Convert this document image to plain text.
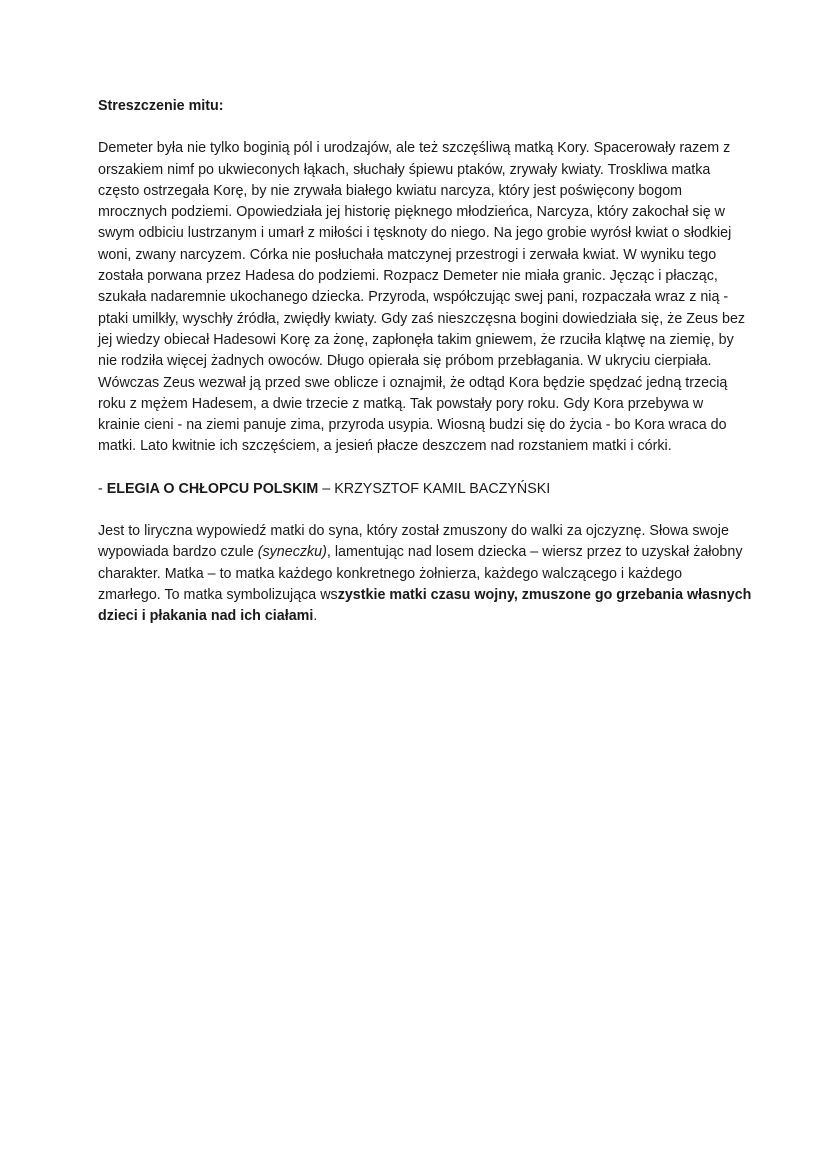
Streszczenie mitu:

Demeter była nie tylko boginią pól i urodzajów, ale też szczęśliwą matką Kory. Spacerowały razem z
orszakiem nimf po ukwieconych łąkach, słuchały śpiewu ptaków, zrywały kwiaty. Troskliwa matka
często ostrzegała Korę, by nie zrywała białego kwiatu narcyza, który jest poświęcony bogom
mrocznych podziemi. Opowiedziała jej historię pięknego młodzieńca, Narcyza, który zakochał się w
swym odbiciu lustrzanym i umarł z miłości i tęsknoty do niego. Na jego grobie wyrósł kwiat o słodkiej
woni, zwany narcyzem. Córka nie posłuchała matczynej przestrogi i zerwała kwiat. W wyniku tego
została porwana przez Hadesa do podziemi. Rozpacz Demeter nie miała granic. Jęcząc i płacząc,
szukała nadaremnie ukochanego dziecka. Przyroda, współczując swej pani, rozpaczała wraz z nią -
ptaki umilkły, wyschły źródła, zwiędły kwiaty. Gdy zaś nieszczęsna bogini dowiedziała się, że Zeus bez
jej wiedzy obiecał Hadesowi Korę za żonę, zapłonęła takim gniewem, że rzuciła klątwę na ziemię, by
nie rodziła więcej żadnych owoców. Długo opierała się próbom przebłagania. W ukryciu cierpiała.
Wówczas Zeus wezwał ją przed swe oblicze i oznajmił, że odtąd Kora będzie spędzać jedną trzecią
roku z mężem Hadesem, a dwie trzecie z matką. Tak powstały pory roku. Gdy Kora przebywa w
krainie cieni - na ziemi panuje zima, przyroda usypia. Wiosną budzi się do życia - bo Kora wraca do
matki. Lato kwitnie ich szczęściem, a jesień płacze deszczem nad rozstaniem matki i córki.

- ELEGIA O CHŁOPCU POLSKIM – KRZYSZTOF KAMIL BACZYŃSKI

Jest to liryczna wypowiedź matki do syna, który został zmuszony do walki za ojczyznę. Słowa swoje
wypowiada bardzo czule (syneczku), lamentując nad losem dziecka – wiersz przez to uzyskał żałobny
charakter. Matka – to matka każdego konkretnego żołnierza, każdego walczącego i każdego
zmarłego. To matka symbolizująca wszystkie matki czasu wojny, zmuszone go grzebania własnych
dzieci i płakania nad ich ciałami.
